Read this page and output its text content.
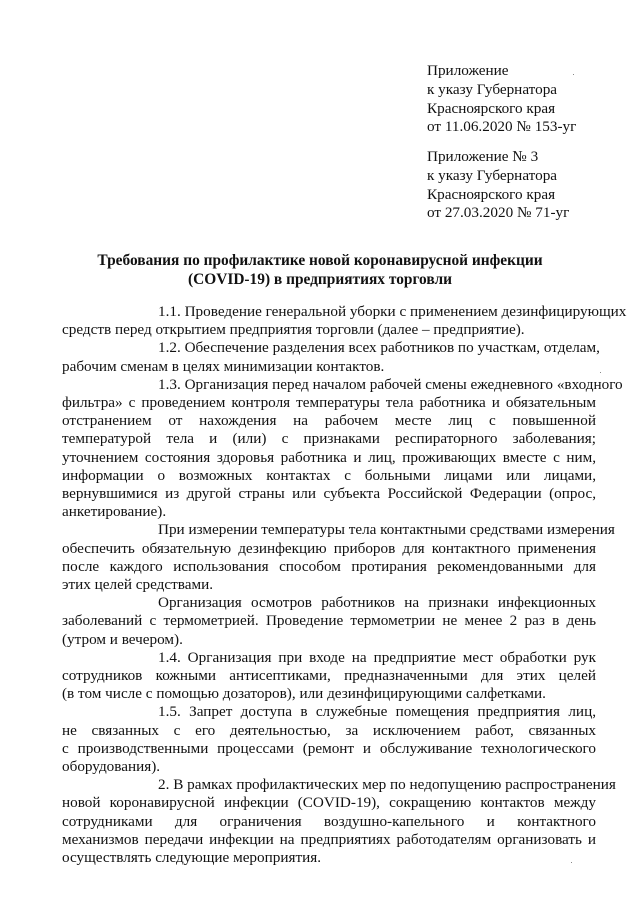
Приложение
к указу Губернатора
Красноярского края
от 11.06.2020 № 153-уг
Приложение № 3
к указу Губернатора
Красноярского края
от 27.03.2020 № 71-уг
Требования по профилактике новой коронавирусной инфекции
(COVID-19) в предприятиях торговли
1.1. Проведение генеральной уборки с применением дезинфицирующих
средств перед открытием предприятия торговли (далее – предприятие).
1.2. Обеспечение разделения всех работников по участкам, отделам,
рабочим сменам в целях минимизации контактов.
1.3. Организация перед началом рабочей смены ежедневного «входного
фильтра» с проведением контроля температуры тела работника и обязательным
отстранением от нахождения на рабочем месте лиц с повышенной
температурой тела и (или) с признаками респираторного заболевания;
уточнением состояния здоровья работника и лиц, проживающих вместе с ним,
информации о возможных контактах с больными лицами или лицами,
вернувшимися из другой страны или субъекта Российской Федерации (опрос,
анкетирование).
При измерении температуры тела контактными средствами измерения
обеспечить обязательную дезинфекцию приборов для контактного применения
после каждого использования способом протирания рекомендованными для
этих целей средствами.
Организация осмотров работников на признаки инфекционных
заболеваний с термометрией. Проведение термометрии не менее 2 раз в день
(утром и вечером).
1.4. Организация при входе на предприятие мест обработки рук
сотрудников кожными антисептиками, предназначенными для этих целей
(в том числе с помощью дозаторов), или дезинфицирующими салфетками.
1.5. Запрет доступа в служебные помещения предприятия лиц,
не связанных с его деятельностью, за исключением работ, связанных
с производственными процессами (ремонт и обслуживание технологического
оборудования).
2. В рамках профилактических мер по недопущению распространения
новой коронавирусной инфекции (COVID-19), сокращению контактов между
сотрудниками для ограничения воздушно-капельного и контактного
механизмов передачи инфекции на предприятиях работодателям организовать и
осуществлять следующие мероприятия.
